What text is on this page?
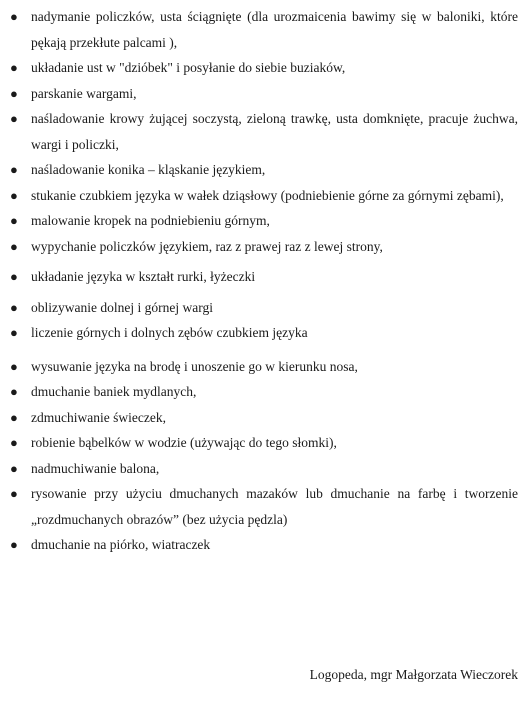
● nadymanie policzków, usta ściągnięte (dla urozmaicenia bawimy się w baloniki, które pękają przekłute palcami ),
● układanie ust w "dzióbek" i posyłanie do siebie buziaków,
● parskanie wargami,
● naśladowanie krowy żującej soczystą, zieloną trawkę, usta domknięte, pracuje żuchwa, wargi i policzki,
● naśladowanie konika – kląskanie językiem,
● stukanie czubkiem języka w wałek dziąsłowy (podniebienie górne za górnymi zębami),
● malowanie kropek na podniebieniu górnym,
● wypychanie policzków językiem, raz z prawej raz z lewej strony,
● układanie języka w kształt rurki, łyżeczki
● oblizywanie dolnej i górnej wargi
● liczenie górnych i dolnych zębów czubkiem języka
● wysuwanie języka na brodę i unoszenie go w kierunku nosa,
● dmuchanie baniek mydlanych,
● zdmuchiwanie świeczek,
● robienie bąbelków w wodzie (używając do tego słomki),
● nadmuchiwanie balona,
● rysowanie przy użyciu dmuchanych mazaków lub dmuchanie na farbę i tworzenie „rozdmuchanych obrazów” (bez użycia pędzla)
● dmuchanie na piórko, wiatraczek
Logopeda, mgr Małgorzata Wieczorek
